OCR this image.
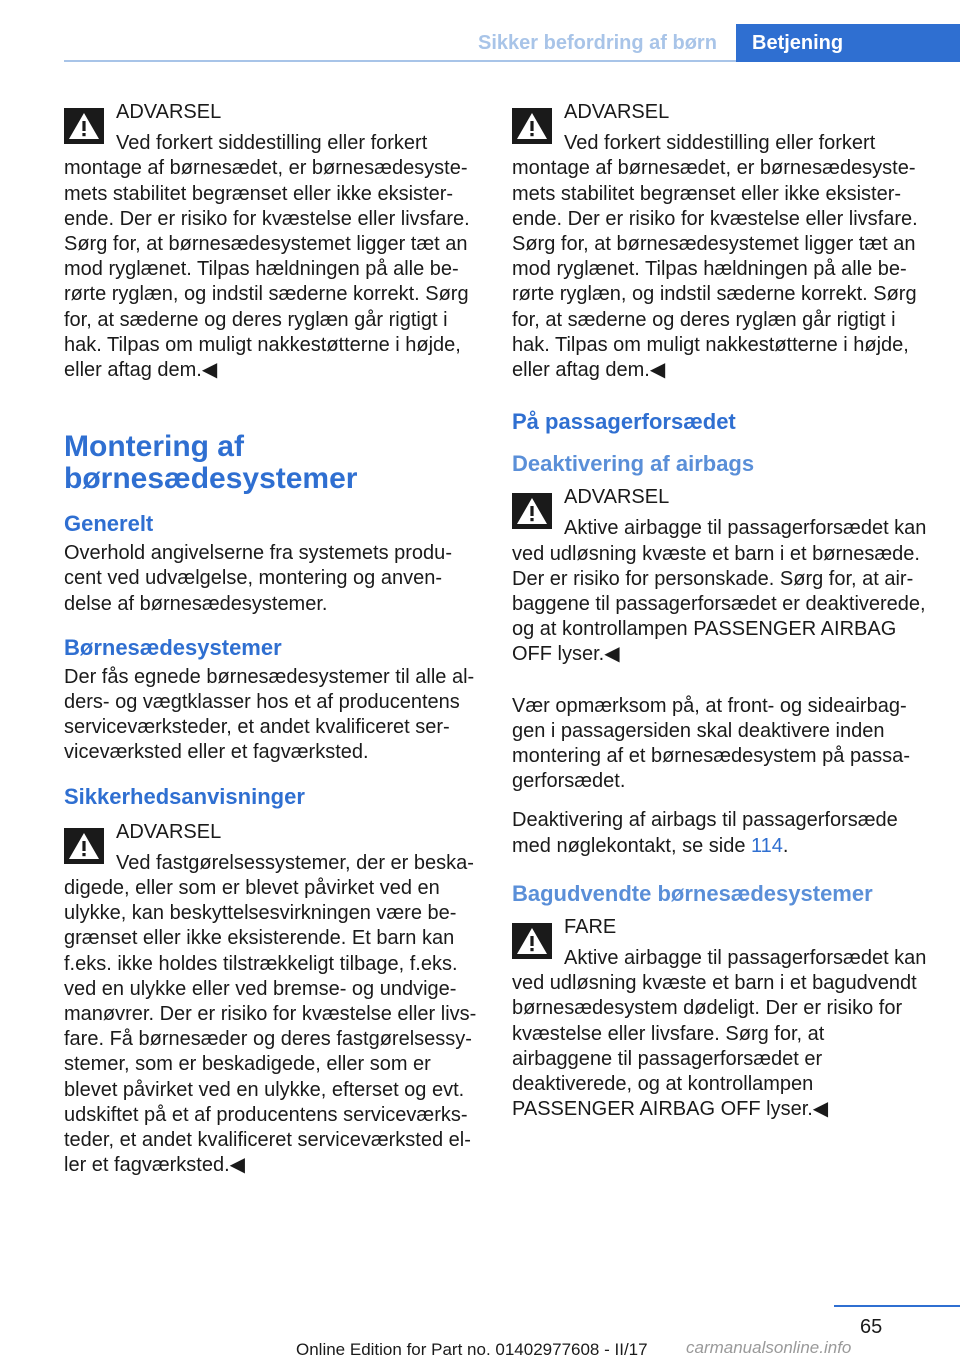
Sikker befordring af børn	Betjening
ADVARSEL
Ved forkert siddestilling eller forkert montage af børnesædet, er børnesædesystemets stabilitet begrænset eller ikke eksisterende. Der er risiko for kvæstelse eller livsfare. Sørg for, at børnesædesystemet ligger tæt an mod ryglænet. Tilpas hældningen på alle berørte ryglæn, og indstil sæderne korrekt. Sørg for, at sæderne og deres ryglæn går rigtigt i hak. Tilpas om muligt nakkestøtterne i højde, eller aftag dem.◀
Montering af børnesædesystemer
Generelt

Overhold angivelserne fra systemets producent ved udvælgelse, montering og anvendelse af børnesædesystemer.

Børnesædesystemer

Der fås egnede børnesædesystemer til alle alders- og vægtklasser hos et af producentens serviceværksteder, et andet kvalificeret serviceværksted eller et fagværksted.

Sikkerhedsanvisninger
ADVARSEL
Ved fastgørelsessystemer, der er beskadigede, eller som er blevet påvirket ved en ulykke, kan beskyttelsesvirkningen være begrænset eller ikke eksisterende. Et barn kan f.eks. ikke holdes tilstrækkeligt tilbage, f.eks. ved en ulykke eller ved bremse- og undvigemanøvrer. Der er risiko for kvæstelse eller livsfare. Få børnesæder og deres fastgørelsessystemer, som er beskadigede, eller som er blevet påvirket ved en ulykke, efterset og evt. udskiftet på et af producentens serviceværksteder, et andet kvalificeret serviceværksted eller et fagværksted.◀
ADVARSEL
Ved forkert siddestilling eller forkert montage af børnesædet, er børnesædesystemets stabilitet begrænset eller ikke eksisterende. Der er risiko for kvæstelse eller livsfare. Sørg for, at børnesædesystemet ligger tæt an mod ryglænet. Tilpas hældningen på alle berørte ryglæn, og indstil sæderne korrekt. Sørg for, at sæderne og deres ryglæn går rigtigt i hak. Tilpas om muligt nakkestøtterne i højde, eller aftag dem.◀
På passagerforsædet
Deaktivering af airbags
ADVARSEL
Aktive airbagge til passagerforsædet kan ved udløsning kvæste et barn i et børnesæde. Der er risiko for personskade. Sørg for, at airbaggene til passagerforsædet er deaktiverede, og at kontrollampen PASSENGER AIRBAG OFF lyser.◀

Vær opmærksom på, at front- og sideairbaggen i passagersiden skal deaktivere inden montering af et børnesædesystem på passagerforsædet.

Deaktivering af airbags til passagerforsæde med nøglekontakt, se side 114.

Bagudvendte børnesædesystemer
FARE
Aktive airbagge til passagerforsædet kan ved udløsning kvæste et barn i et bagudvendt børnesædesystem dødeligt. Der er risiko for kvæstelse eller livsfare. Sørg for, at airbaggene til passagerforsædet er deaktiverede, og at kontrollampen PASSENGER AIRBAG OFF lyser.◀
65
Online Edition for Part no. 01402977608 - II/17 carmanualsonline.info
